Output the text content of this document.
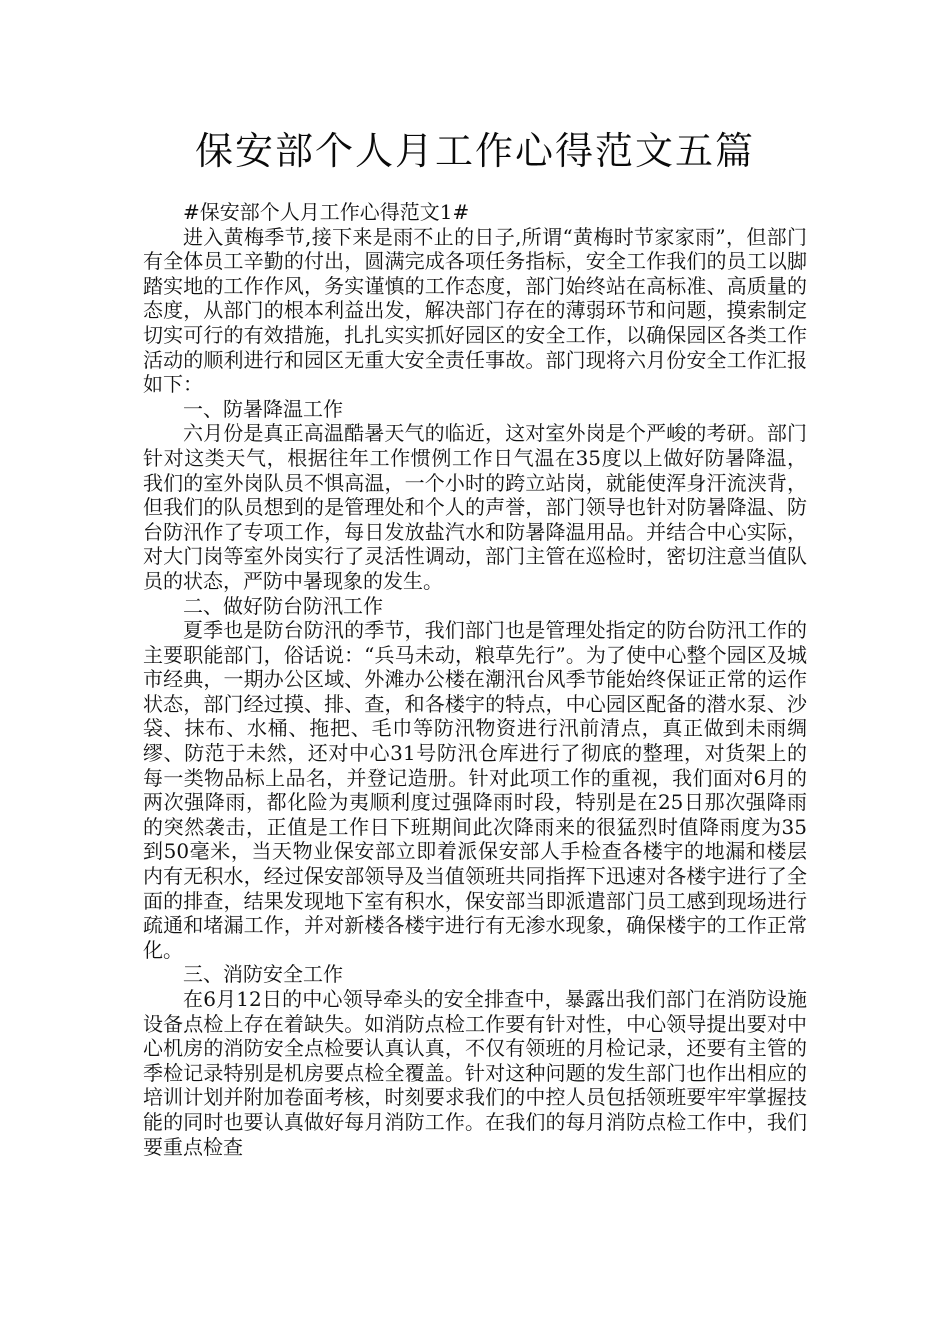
保安部个人月工作心得范文五篇

#保安部个人月工作心得范文1#

进入黄梅季节,接下来是雨不止的日子,所谓“黄梅时节家家雨”，但部门有全体员工辛勤的付出，圆满完成各项任务指标，安全工作我们的员工以脚踏实地的工作作风，务实谨慎的工作态度，部门始终站在高标准、高质量的态度，从部门的根本利益出发，解决部门存在的薄弱环节和问题，摸索制定切实可行的有效措施，扎扎实实抓好园区的安全工作，以确保园区各类工作活动的顺利进行和园区无重大安全责任事故。部门现将六月份安全工作汇报如下：

一、防暑降温工作

六月份是真正高温酷暑天气的临近，这对室外岗是个严峻的考研。部门针对这类天气，根据往年工作惯例工作日气温在35度以上做好防暑降温，我们的室外岗队员不惧高温，一个小时的跨立站岗，就能使浑身汗流浃背，但我们的队员想到的是管理处和个人的声誉，部门领导也针对防暑降温、防台防汛作了专项工作，每日发放盐汽水和防暑降温用品。并结合中心实际，对大门岗等室外岗实行了灵活性调动，部门主管在巡检时，密切注意当值队员的状态，严防中暑现象的发生。

二、做好防台防汛工作

夏季也是防台防汛的季节，我们部门也是管理处指定的防台防汛工作的主要职能部门，俗话说：“兵马未动，粮草先行”。为了使中心整个园区及城市经典，一期办公区域、外滩办公楼在潮汛台风季节能始终保证正常的运作状态，部门经过摸、排、查，和各楼宇的特点，中心园区配备的潜水泵、沙袋、抹布、水桶、拖把、毛巾等防汛物资进行汛前清点，真正做到未雨绸缪、防范于未然，还对中心31号防汛仓库进行了彻底的整理，对货架上的每一类物品标上品名，并登记造册。针对此项工作的重视，我们面对6月的两次强降雨，都化险为夷顺利度过强降雨时段，特别是在25日那次强降雨的突然袭击，正值是工作日下班期间此次降雨来的很猛烈时值降雨度为35到50毫米，当天物业保安部立即着派保安部人手检查各楼宇的地漏和楼层内有无积水，经过保安部领导及当值领班共同指挥下迅速对各楼宇进行了全面的排查，结果发现地下室有积水，保安部当即派遣部门员工感到现场进行疏通和堵漏工作，并对新楼各楼宇进行有无渗水现象，确保楼宇的工作正常化。

三、消防安全工作

在6月12日的中心领导牵头的安全排查中，暴露出我们部门在消防设施设备点检上存在着缺失。如消防点检工作要有针对性，中心领导提出要对中心机房的消防安全点检要认真认真，不仅有领班的月检记录，还要有主管的季检记录特别是机房要点检全覆盖。针对这种问题的发生部门也作出相应的培训计划并附加卷面考核，时刻要求我们的中控人员包括领班要牢牢掌握技能的同时也要认真做好每月消防工作。在我们的每月消防点检工作中，我们要重点检查
